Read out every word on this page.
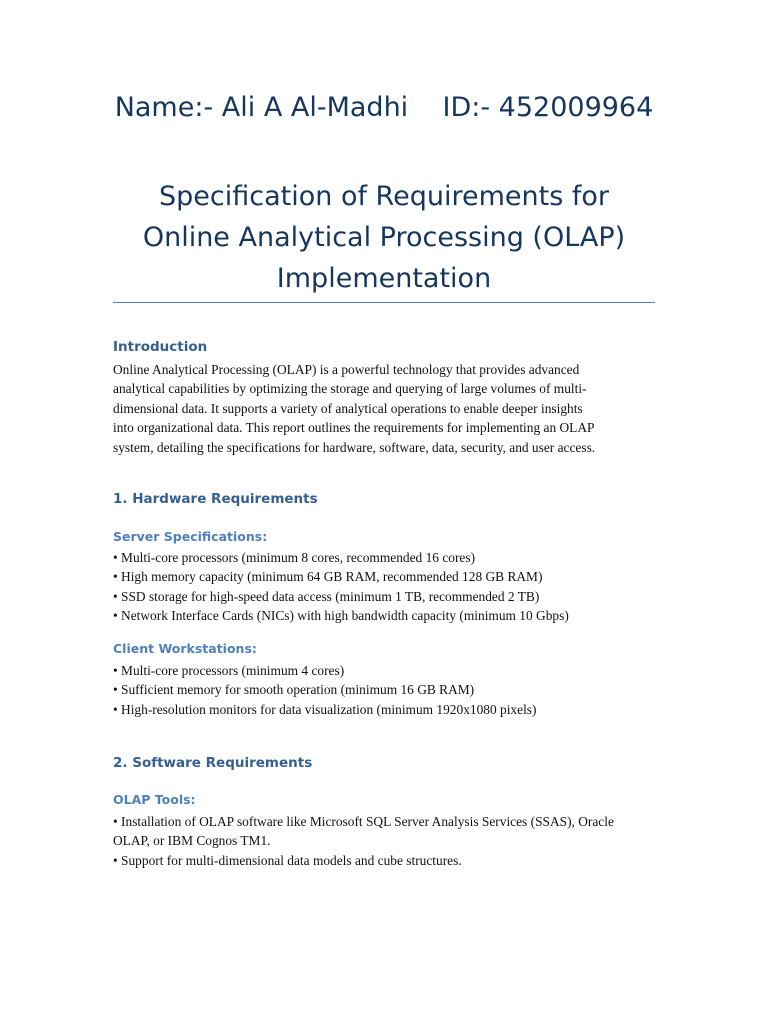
Name:- Ali A Al-Madhi    ID:- 452009964
Specification of Requirements for
Online Analytical Processing (OLAP)
Implementation
Introduction
Online Analytical Processing (OLAP) is a powerful technology that provides advanced
analytical capabilities by optimizing the storage and querying of large volumes of multi-
dimensional data. It supports a variety of analytical operations to enable deeper insights
into organizational data. This report outlines the requirements for implementing an OLAP
system, detailing the specifications for hardware, software, data, security, and user access.
1. Hardware Requirements
Server Specifications:
• Multi-core processors (minimum 8 cores, recommended 16 cores)
• High memory capacity (minimum 64 GB RAM, recommended 128 GB RAM)
• SSD storage for high-speed data access (minimum 1 TB, recommended 2 TB)
• Network Interface Cards (NICs) with high bandwidth capacity (minimum 10 Gbps)
Client Workstations:
• Multi-core processors (minimum 4 cores)
• Sufficient memory for smooth operation (minimum 16 GB RAM)
• High-resolution monitors for data visualization (minimum 1920x1080 pixels)
2. Software Requirements
OLAP Tools:
• Installation of OLAP software like Microsoft SQL Server Analysis Services (SSAS), Oracle
OLAP, or IBM Cognos TM1.
• Support for multi-dimensional data models and cube structures.
